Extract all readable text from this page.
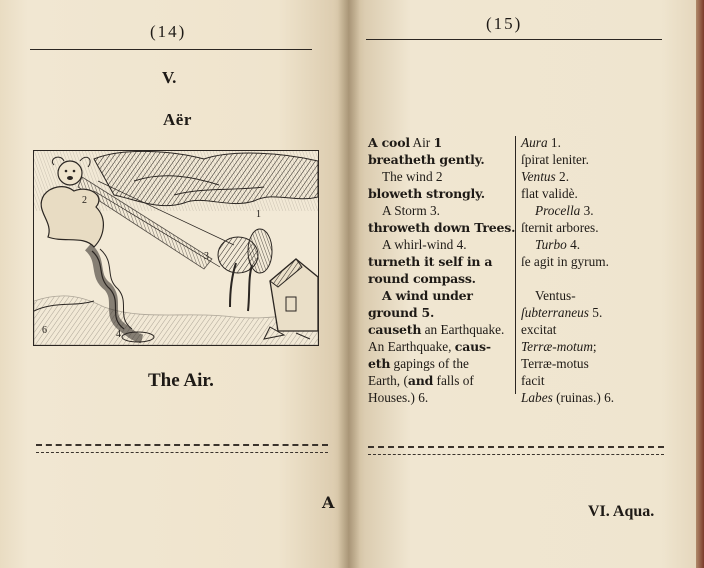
(14)
V.
Aër
2
1
3
4
6
The Air.
A
(15)
A cool Air 1
breatheth gently.
The wind 2
bloweth strongly.
A Storm 3.
throweth down Trees.
A whirl-wind 4.
turneth it self in a
round compass.
A wind under
ground 5.
causeth an Earthquake.
An Earthquake, caus-
eth gapings of the
Earth, (and falls of
Houses.) 6.
Aura 1.
ſpirat leniter.
Ventus 2.
flat validè.
Procella 3.
ſternit arbores.
Turbo 4.
ſe agit in gyrum.
Ventus-
ſubterraneus 5.
excitat
Terræ-motum;
Terræ-motus
facit
Labes (ruinas.) 6.
VI. Aqua.
